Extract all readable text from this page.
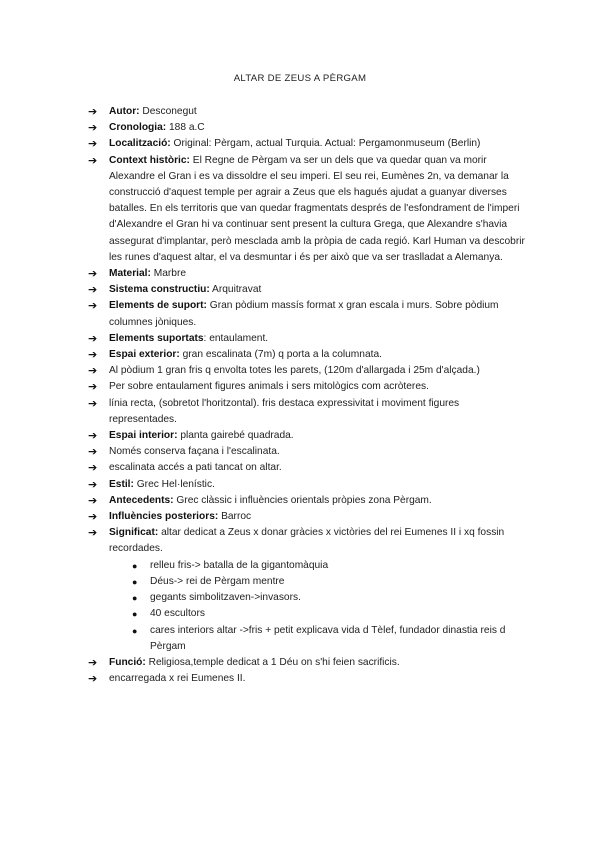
ALTAR DE ZEUS A PÈRGAM
➔	Autor: Desconegut
➔	Cronologia: 188 a.C
➔	Localització: Original: Pèrgam, actual Turquia. Actual: Pergamonmuseum (Berlin)
➔	Context històric: El Regne de Pèrgam va ser un dels que va quedar quan va morir Alexandre el Gran i es va dissoldre el seu imperi. El seu rei, Eumènes 2n, va demanar la construcció d'aquest temple per agrair a Zeus que els hagués ajudat a guanyar diverses batalles. En els territoris que van quedar fragmentats després de l'esfondrament de l'imperi d'Alexandre el Gran hi va continuar sent present la cultura Grega, que Alexandre s'havia assegurat d'implantar, però mesclada amb la pròpia de cada regió. Karl Human va descobrir les runes d'aquest altar, el va desmuntar i és per això que va ser traslladat a Alemanya.
➔	Material: Marbre
➔	Sistema constructiu: Arquitravat
➔	Elements de suport: Gran pòdium massís format x gran escala i murs. Sobre pòdium columnes jòniques.
➔	Elements suportats: entaulament.
➔	Espai exterior: gran escalinata (7m) q porta a la columnata.
➔	Al pòdium 1 gran fris q envolta totes les parets, (120m d'allargada i 25m d'alçada.)
➔	Per sobre entaulament figures animals i sers mitològics com acròteres.
➔	línia recta, (sobretot l'horitzontal). fris destaca expressivitat i moviment figures representades.
➔	Espai interior: planta gairebé quadrada.
➔	Només conserva façana i l'escalinata.
➔	escalinata accés a pati tancat on altar.
➔	Estil: Grec Hel·lenístic.
➔	Antecedents: Grec clàssic i influències orientals pròpies zona Pèrgam.
➔	Influències posteriors: Barroc
➔	Significat: altar dedicat a Zeus x donar gràcies x victòries del rei Eumenes II i xq fossin recordades.
● relleu fris-> batalla de la gigantomàquia
● Déus-> rei de Pèrgam mentre
● gegants simbolitzaven->invasors.
● 40 escultors
● cares interiors altar ->fris + petit explicava vida d Tèlef, fundador dinastia reis d Pèrgam
➔	Funció: Religiosa,temple dedicat a 1 Déu on s'hi feien sacrificis.
➔	encarregada x rei Eumenes II.
